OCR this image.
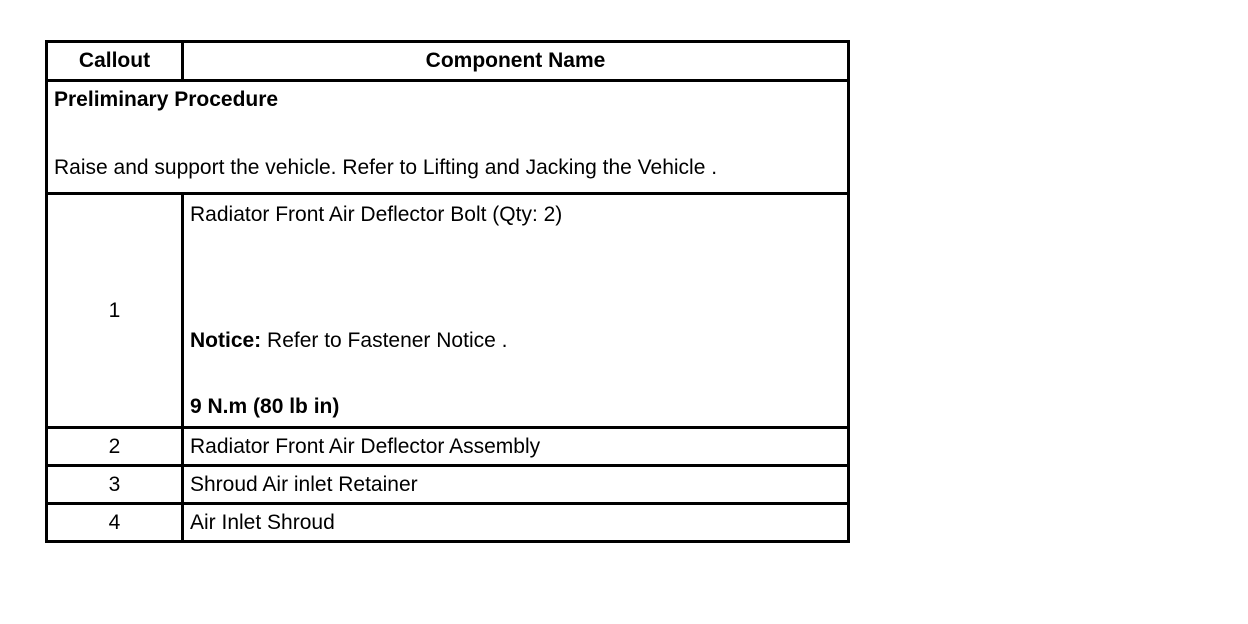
Callout	Component Name

Preliminary Procedure
Raise and support the vehicle. Refer to Lifting and Jacking the Vehicle .	

1	Radiator Front Air Deflector Bolt (Qty: 2)
Notice: Refer to Fastener Notice .
9 N.m (80 lb in)

2	Radiator Front Air Deflector Assembly
3	Shroud Air inlet Retainer
4	Air Inlet Shroud
